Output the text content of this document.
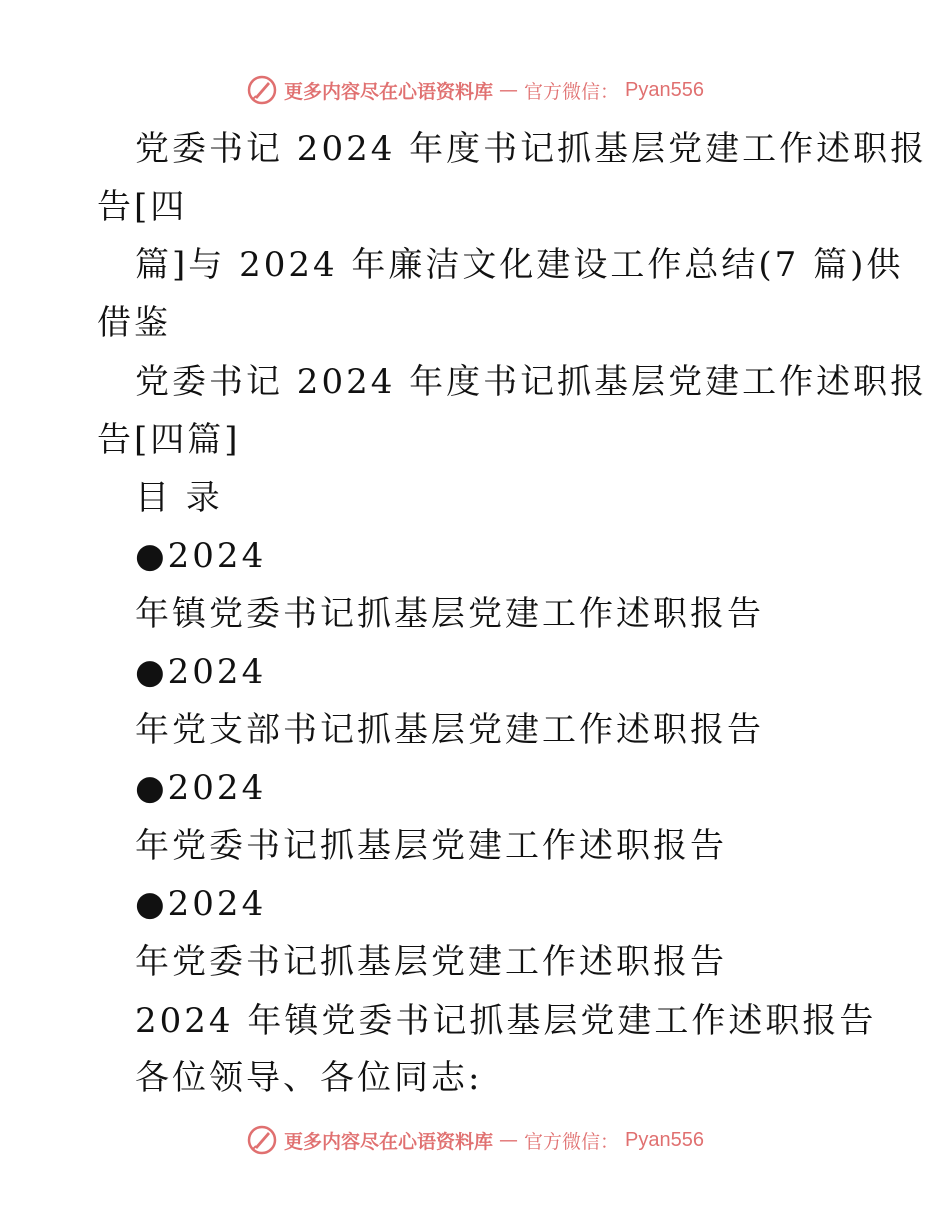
更多内容尽在心语资料库 — 官方微信： Pyan556
党委书记 2024 年度书记抓基层党建工作述职报
告[四
篇]与 2024 年廉洁文化建设工作总结(7 篇)供
借鉴
党委书记 2024 年度书记抓基层党建工作述职报
告[四篇]
目 录
●2024
年镇党委书记抓基层党建工作述职报告
●2024
年党支部书记抓基层党建工作述职报告
●2024
年党委书记抓基层党建工作述职报告
●2024
年党委书记抓基层党建工作述职报告
2024 年镇党委书记抓基层党建工作述职报告
各位领导、各位同志:
更多内容尽在心语资料库 — 官方微信： Pyan556
